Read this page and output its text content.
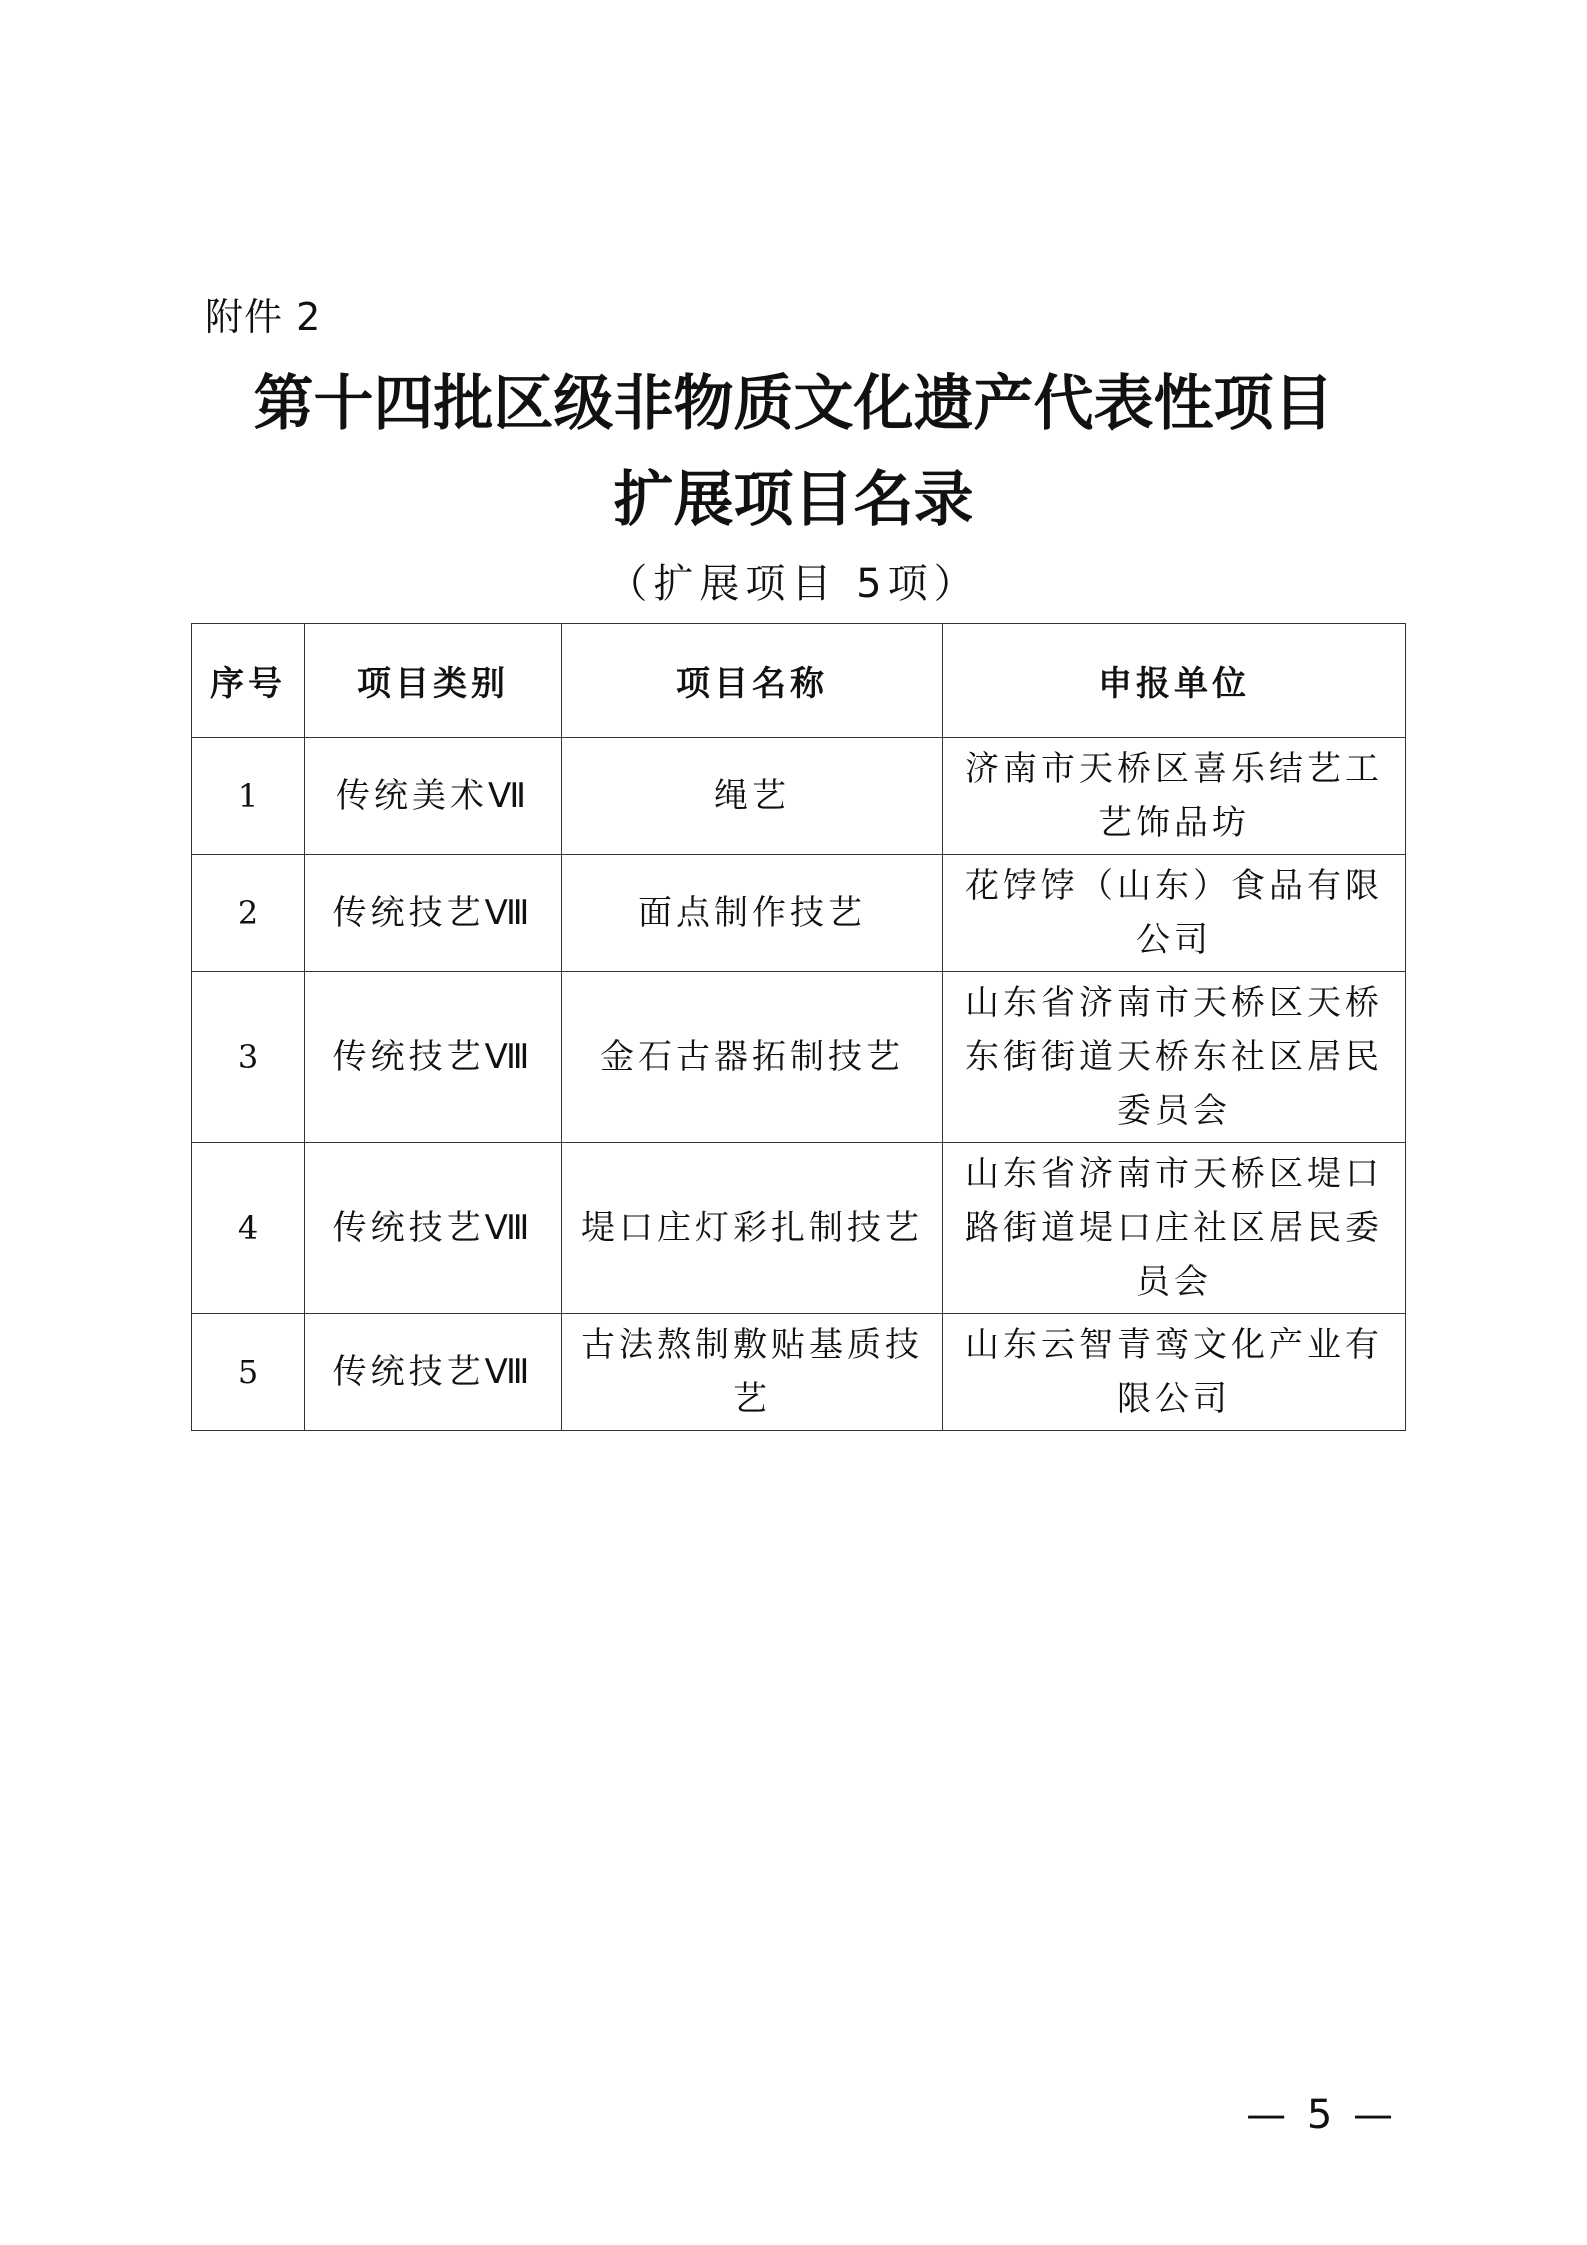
附件 2
第十四批区级非物质文化遗产代表性项目
扩展项目名录
（扩展项目 5项）
序号	项目类别	项目名称	申报单位
1	传统美术Ⅶ	绳艺	济南市天桥区喜乐结艺工艺饰品坊
2	传统技艺Ⅷ	面点制作技艺	花饽饽（山东）食品有限公司
3	传统技艺Ⅷ	金石古器拓制技艺	山东省济南市天桥区天桥东街街道天桥东社区居民委员会
4	传统技艺Ⅷ	堤口庄灯彩扎制技艺	山东省济南市天桥区堤口路街道堤口庄社区居民委员会
5	传统技艺Ⅷ	古法熬制敷贴基质技艺	山东云智青鸾文化产业有限公司
— 5 —
